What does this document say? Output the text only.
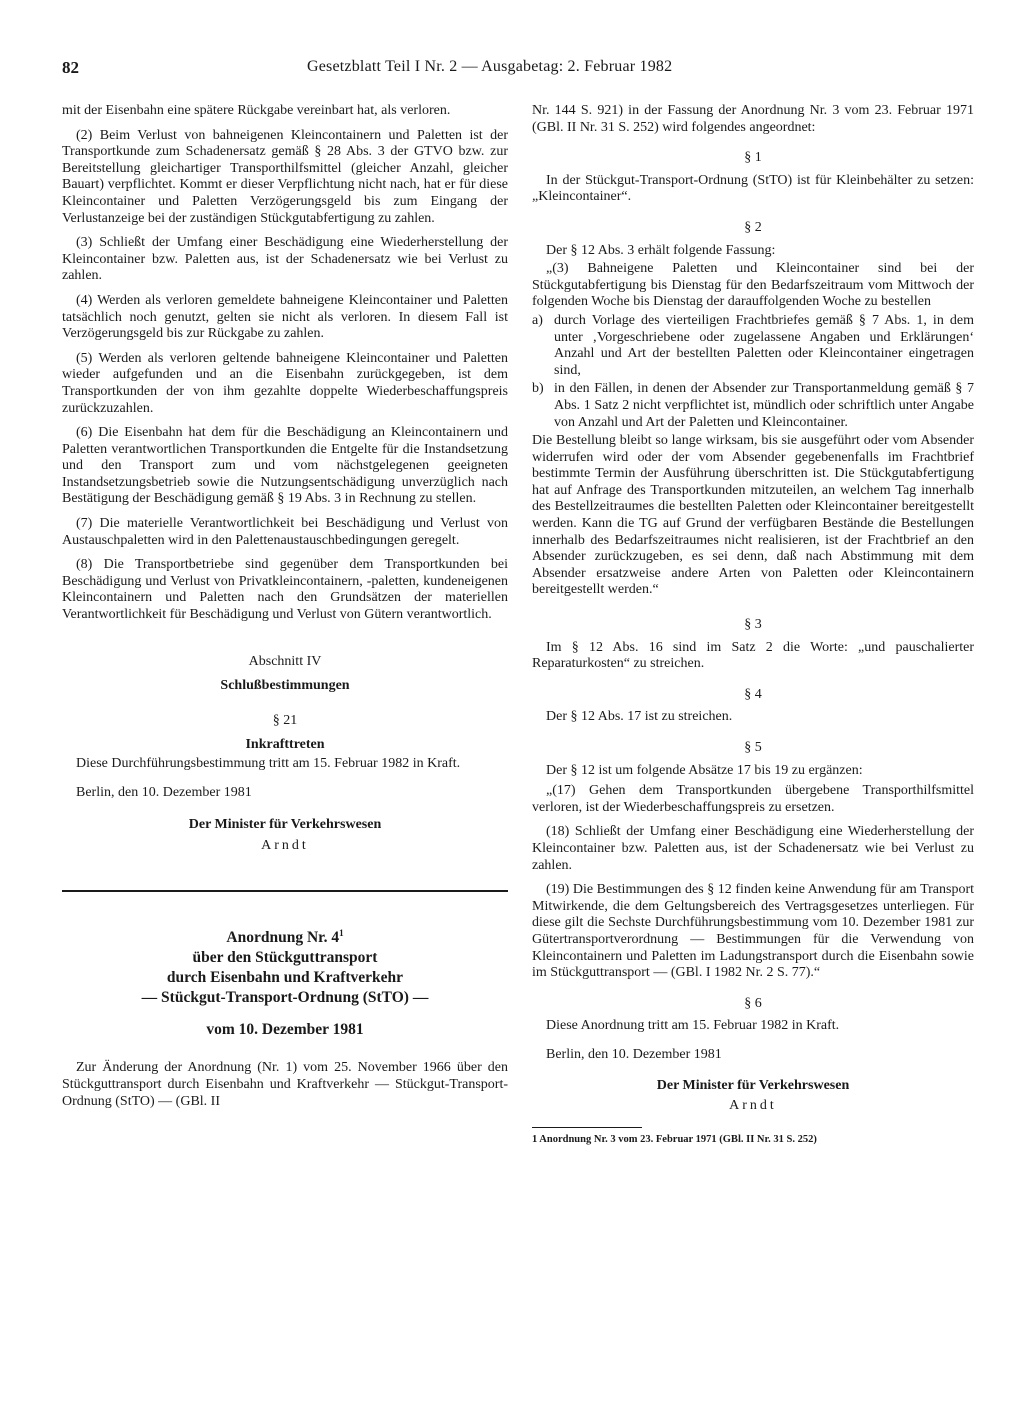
82	Gesetzblatt Teil I Nr. 2 — Ausgabetag: 2. Februar 1982

mit der Eisenbahn eine spätere Rückgabe vereinbart hat, als verloren.

(2) Beim Verlust von bahneigenen Kleincontainern und Paletten ist der Transportkunde zum Schadenersatz gemäß § 28 Abs. 3 der GTVO bzw. zur Bereitstellung gleichartiger Transporthilfsmittel (gleicher Anzahl, gleicher Bauart) verpflichtet. Kommt er dieser Verpflichtung nicht nach, hat er für diese Kleincontainer und Paletten Verzögerungsgeld bis zum Eingang der Verlustanzeige bei der zuständigen Stückgutabfertigung zu zahlen.

(3) Schließt der Umfang einer Beschädigung eine Wiederherstellung der Kleincontainer bzw. Paletten aus, ist der Schadenersatz wie bei Verlust zu zahlen.

(4) Werden als verloren gemeldete bahneigene Kleincontainer und Paletten tatsächlich noch genutzt, gelten sie nicht als verloren. In diesem Fall ist Verzögerungsgeld bis zur Rückgabe zu zahlen.

(5) Werden als verloren geltende bahneigene Kleincontainer und Paletten wieder aufgefunden und an die Eisenbahn zurückgegeben, ist dem Transportkunden der von ihm gezahlte doppelte Wiederbeschaffungspreis zurückzuzahlen.

(6) Die Eisenbahn hat dem für die Beschädigung an Kleincontainern und Paletten verantwortlichen Transportkunden die Entgelte für die Instandsetzung und den Transport zum und vom nächstgelegenen geeigneten Instandsetzungsbetrieb sowie die Nutzungsentschädigung unverzüglich nach Bestätigung der Beschädigung gemäß § 19 Abs. 3 in Rechnung zu stellen.

(7) Die materielle Verantwortlichkeit bei Beschädigung und Verlust von Austauschpaletten wird in den Palettenaustauschbedingungen geregelt.

(8) Die Transportbetriebe sind gegenüber dem Transportkunden bei Beschädigung und Verlust von Privatkleincontainern, -paletten, kundeneigenen Kleincontainern und Paletten nach den Grundsätzen der materiellen Verantwortlichkeit für Beschädigung und Verlust von Gütern verantwortlich.

Abschnitt IV

Schlußbestimmungen

§ 21

Inkrafttreten

Diese Durchführungsbestimmung tritt am 15. Februar 1982 in Kraft.

Berlin, den 10. Dezember 1981

Der Minister für Verkehrswesen

Arndt

Anordnung Nr. $4^1$

über den Stückguttransport

durch Eisenbahn und Kraftverkehr

— Stückgut-Transport-Ordnung (StTO) —

vom 10. Dezember 1981

Zur Änderung der Anordnung (Nr. 1) vom 25. November 1966 über den Stückguttransport durch Eisenbahn und Kraftverkehr — Stückgut-Transport-Ordnung (StTO) — (GBl. II

Nr. 144 S. 921) in der Fassung der Anordnung Nr. 3 vom 23. Februar 1971 (GBl. II Nr. 31 S. 252) wird folgendes angeordnet:

§ 1

In der Stückgut-Transport-Ordnung (StTO) ist für Kleinbehälter zu setzen: „Kleincontainer“.

§ 2

Der § 12 Abs. 3 erhält folgende Fassung:

„(3) Bahneigene Paletten und Kleincontainer sind bei der Stückgutabfertigung bis Dienstag für den Bedarfszeitraum vom Mittwoch der folgenden Woche bis Dienstag der darauffolgenden Woche zu bestellen

a) durch Vorlage des vierteiligen Frachtbriefes gemäß § 7 Abs. 1, in dem unter ‚Vorgeschriebene oder zugelassene Angaben und Erklärungen‘ Anzahl und Art der bestellten Paletten oder Kleincontainer eingetragen sind,
b) in den Fällen, in denen der Absender zur Transportanmeldung gemäß § 7 Abs. 1 Satz 2 nicht verpflichtet ist, mündlich oder schriftlich unter Angabe von Anzahl und Art der Paletten und Kleincontainer.

Die Bestellung bleibt so lange wirksam, bis sie ausgeführt oder vom Absender widerrufen wird oder der vom Absender gegebenenfalls im Frachtbrief bestimmte Termin der Ausführung überschritten ist. Die Stückgutabfertigung hat auf Anfrage des Transportkunden mitzuteilen, an welchem Tag innerhalb des Bestellzeitraumes die bestellten Paletten oder Kleincontainer bereitgestellt werden. Kann die TG auf Grund der verfügbaren Bestände die Bestellungen innerhalb des Bedarfszeitraumes nicht realisieren, ist der Frachtbrief an den Absender zurückzugeben, es sei denn, daß nach Abstimmung mit dem Absender ersatzweise andere Arten von Paletten oder Kleincontainern bereitgestellt werden.“

§ 3

Im § 12 Abs. 16 sind im Satz 2 die Worte: „und pauschalierter Reparaturkosten“ zu streichen.

§ 4

Der § 12 Abs. 17 ist zu streichen.

§ 5

Der § 12 ist um folgende Absätze 17 bis 19 zu ergänzen:

„(17) Gehen dem Transportkunden übergebene Transporthilfsmittel verloren, ist der Wiederbeschaffungspreis zu ersetzen.

(18) Schließt der Umfang einer Beschädigung eine Wiederherstellung der Kleincontainer bzw. Paletten aus, ist der Schadenersatz wie bei Verlust zu zahlen.

(19) Die Bestimmungen des § 12 finden keine Anwendung für am Transport Mitwirkende, die dem Geltungsbereich des Vertragsgesetzes unterliegen. Für diese gilt die Sechste Durchführungsbestimmung vom 10. Dezember 1981 zur Gütertransportverordnung — Bestimmungen für die Verwendung von Kleincontainern und Paletten im Ladungstransport durch die Eisenbahn sowie im Stückguttransport — (GBl. I 1982 Nr. 2 S. 77).“

§ 6

Diese Anordnung tritt am 15. Februar 1982 in Kraft.

Berlin, den 10. Dezember 1981

Der Minister für Verkehrswesen

Arndt

1 Anordnung Nr. 3 vom 23. Februar 1971 (GBl. II Nr. 31 S. 252)
